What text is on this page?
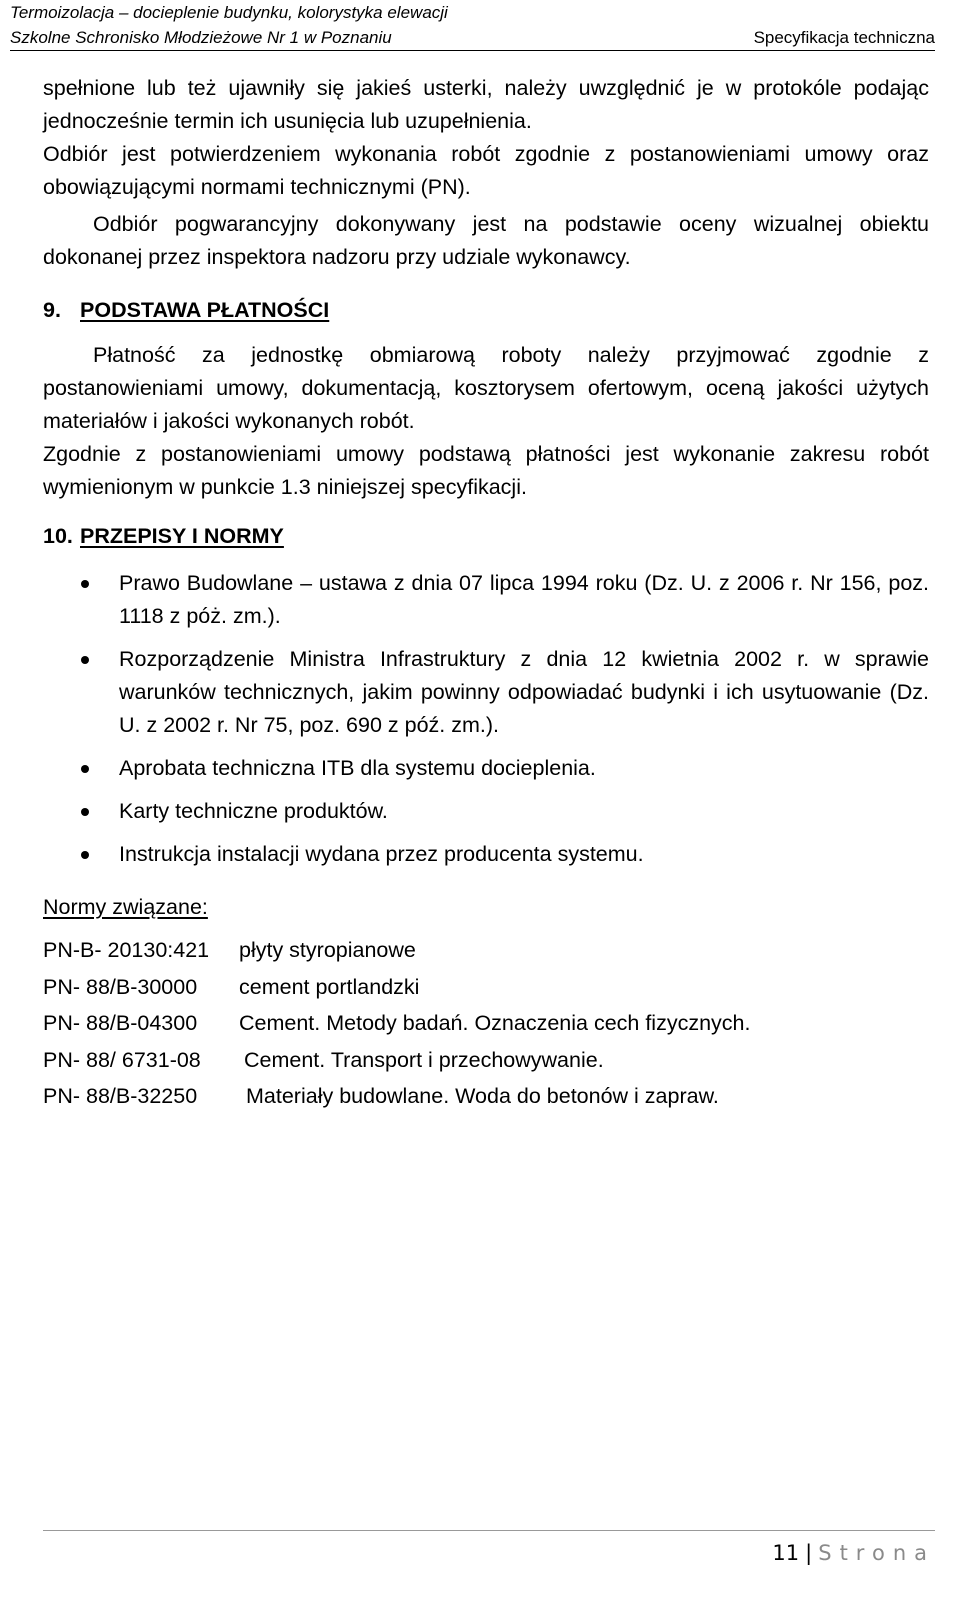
Termoizolacja – docieplenie budynku, kolorystyka elewacji
Szkolne Schronisko Młodzieżowe Nr 1 w Poznaniu	Specyfikacja techniczna

spełnione lub też ujawniły się jakieś usterki, należy uwzględnić je w protokóle podając jednocześnie termin ich usunięcia lub uzupełnienia.

Odbiór jest potwierdzeniem wykonania robót zgodnie z postanowieniami umowy oraz obowiązującymi normami technicznymi (PN).

Odbiór pogwarancyjny dokonywany jest na podstawie oceny wizualnej obiektu dokonanej przez inspektora nadzoru przy udziale wykonawcy.

9. PODSTAWA PŁATNOŚCI

Płatność za jednostkę obmiarową roboty należy przyjmować zgodnie z postanowieniami umowy, dokumentacją, kosztorysem ofertowym, oceną jakości użytych materiałów i jakości wykonanych robót.

Zgodnie z postanowieniami umowy podstawą płatności jest wykonanie zakresu robót wymienionym w punkcie 1.3 niniejszej specyfikacji.

10. PRZEPISY I NORMY
Prawo Budowlane – ustawa z dnia 07 lipca 1994 roku (Dz. U. z 2006 r. Nr 156, poz. 1118 z póż. zm.).
Rozporządzenie Ministra Infrastruktury z dnia 12 kwietnia 2002 r. w sprawie warunków technicznych, jakim powinny odpowiadać budynki i ich usytuowanie (Dz. U. z 2002 r. Nr 75, poz. 690 z póź. zm.).
Aprobata techniczna ITB dla systemu docieplenia.
Karty techniczne produktów.
Instrukcja instalacji wydana przez producenta systemu.

Normy związane:

PN-B- 20130:421	płyty styropianowe
PN- 88/B-30000	cement portlandzki
PN- 88/B-04300	Cement. Metody badań. Oznaczenia cech fizycznych.
PN- 88/ 6731-08	Cement. Transport i przechowywanie.
PN- 88/B-32250	Materiały budowlane. Woda do betonów i zapraw.
11 | Strona
